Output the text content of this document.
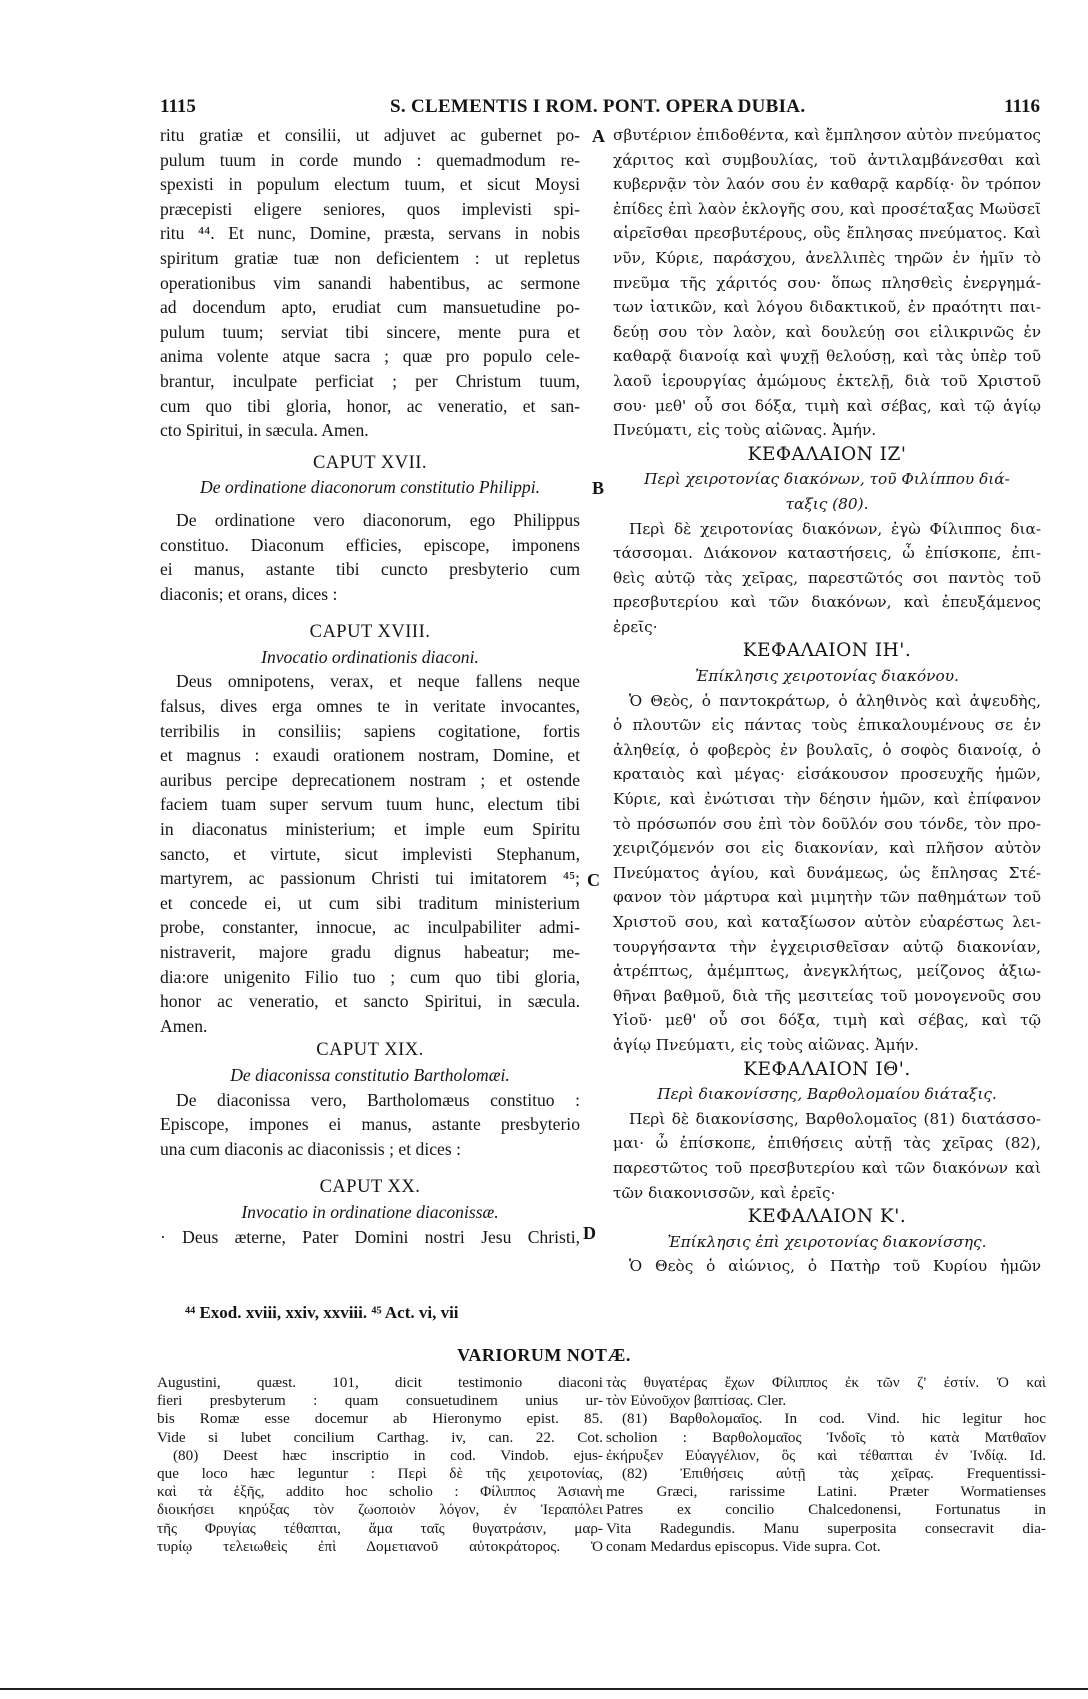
1115	S. CLEMENTIS I ROM. PONT. OPERA DUBIA.	1116
ritu gratiæ et consilii, ut adjuvet ac gubernet po-
pulum tuum in corde mundo : quemadmodum re-
spexisti in populum electum tuum, et sicut Moysi
præcepisti eligere seniores, quos implevisti spi-
ritu ⁴⁴. Et nunc, Domine, præsta, servans in nobis
spiritum gratiæ tuæ non deficientem : ut repletus
operationibus vim sanandi habentibus, ac sermone
ad docendum apto, erudiat cum mansuetudine po-
pulum tuum; serviat tibi sincere, mente pura et
anima volente atque sacra ; quæ pro populo cele-
brantur, inculpate perficiat ; per Christum tuum,
cum quo tibi gloria, honor, ac veneratio, et san-
cto Spiritui, in sæcula. Amen.
CAPUT XVII.
De ordinatione diaconorum constitutio Philippi.
De ordinatione vero diaconorum, ego Philippus
constituo. Diaconum efficies, episcope, imponens
ei manus, astante tibi cuncto presbyterio cum
diaconis; et orans, dices :
CAPUT XVIII.
Invocatio ordinationis diaconi.
Deus omnipotens, verax, et neque fallens neque
falsus, dives erga omnes te in veritate invocantes,
terribilis in consiliis; sapiens cogitatione, fortis
et magnus : exaudi orationem nostram, Domine, et
auribus percipe deprecationem nostram ; et ostende
faciem tuam super servum tuum hunc, electum tibi
in diaconatus ministerium; et imple eum Spiritu
sancto, et virtute, sicut implevisti Stephanum,
martyrem, ac passionum Christi tui imitatorem ⁴⁵;
et concede ei, ut cum sibi traditum ministerium
probe, constanter, innocue, ac inculpabiliter admi-
nistraverit, majore gradu dignus habeatur; me-
dia:ore unigenito Filio tuo ; cum quo tibi gloria,
honor ac veneratio, et sancto Spiritui, in sæcula.
Amen.
CAPUT XIX.
De diaconissa constitutio Bartholomæi.
De diaconissa vero, Bartholomæus constituo :
Episcope, impones ei manus, astante presbyterio
una cum diaconis ac diaconissis ; et dices :
CAPUT XX.
Invocatio in ordinatione diaconissæ.
· Deus æterne, Pater Domini nostri Jesu Christi,
σβυτέριον ἐπιδοθέντα, καὶ ἔμπλησον αὐτὸν πνεύματος
χάριτος καὶ συμβουλίας, τοῦ ἀντιλαμβάνεσθαι καὶ
κυβερνᾷν τὸν λαόν σου ἐν καθαρᾷ καρδίᾳ· ὃν τρόπον
ἐπίδες ἐπὶ λαὸν ἐκλογῆς σου, καὶ προσέταξας Μωϋσεῖ
αἱρεῖσθαι πρεσβυτέρους, οὓς ἔπλησας πνεύματος. Καὶ
νῦν, Κύριε, παράσχου, ἀνελλιπὲς τηρῶν ἐν ἡμῖν τὸ
πνεῦμα τῆς χάριτός σου· ὅπως πλησθεὶς ἐνεργημά-
των ἰατικῶν, καὶ λόγου διδακτικοῦ, ἐν πραότητι παι-
δεύῃ σου τὸν λαὸν, καὶ δουλεύῃ σοι εἰλικρινῶς ἐν
καθαρᾷ διανοίᾳ καὶ ψυχῇ θελούσῃ, καὶ τὰς ὑπὲρ τοῦ
λαοῦ ἱερουργίας ἀμώμους ἐκτελῇ, διὰ τοῦ Χριστοῦ
σου· μεθ' οὗ σοι δόξα, τιμὴ καὶ σέβας, καὶ τῷ ἁγίῳ
Πνεύματι, εἰς τοὺς αἰῶνας. Ἀμήν.
ΚΕΦΑΛΑΙΟΝ ΙΖ'
Περὶ χειροτονίας διακόνων, τοῦ Φιλίππου διά-
ταξις (80).
Περὶ δὲ χειροτονίας διακόνων, ἐγὼ Φίλιππος δια-
τάσσομαι. Διάκονον καταστήσεις, ὦ ἐπίσκοπε, ἐπι-
θεὶς αὐτῷ τὰς χεῖρας, παρεστῶτός σοι παντὸς τοῦ
πρεσβυτερίου καὶ τῶν διακόνων, καὶ ἐπευξάμενος
ἐρεῖς·
ΚΕΦΑΛΑΙΟΝ ΙΗ'.
Ἐπίκλησις χειροτονίας διακόνου.
Ὁ Θεὸς, ὁ παντοκράτωρ, ὁ ἀληθινὸς καὶ ἀψευδὴς,
ὁ πλουτῶν εἰς πάντας τοὺς ἐπικαλουμένους σε ἐν
ἀληθείᾳ, ὁ φοβερὸς ἐν βουλαῖς, ὁ σοφὸς διανοίᾳ, ὁ
κραταιὸς καὶ μέγας· εἰσάκουσον προσευχῆς ἡμῶν,
Κύριε, καὶ ἐνώτισαι τὴν δέησιν ἡμῶν, καὶ ἐπίφανον
τὸ πρόσωπόν σου ἐπὶ τὸν δοῦλόν σου τόνδε, τὸν προ-
χειριζόμενόν σοι εἰς διακονίαν, καὶ πλῆσον αὐτὸν
Πνεύματος ἁγίου, καὶ δυνάμεως, ὡς ἔπλησας Στέ-
φανον τὸν μάρτυρα καὶ μιμητὴν τῶν παθημάτων τοῦ
Χριστοῦ σου, καὶ καταξίωσον αὐτὸν εὐαρέστως λει-
τουργήσαντα τὴν ἐγχειρισθεῖσαν αὐτῷ διακονίαν,
ἀτρέπτως, ἀμέμπτως, ἀνεγκλήτως, μείζονος ἀξιω-
θῆναι βαθμοῦ, διὰ τῆς μεσιτείας τοῦ μονογενοῦς σου
Υἱοῦ· μεθ' οὗ σοι δόξα, τιμὴ καὶ σέβας, καὶ τῷ
ἁγίῳ Πνεύματι, εἰς τοὺς αἰῶνας. Ἀμήν.
ΚΕΦΑΛΑΙΟΝ ΙΘ'.
Περὶ διακονίσσης, Βαρθολομαίου διάταξις.
Περὶ δὲ διακονίσσης, Βαρθολομαῖος (81) διατάσσο-
μαι· ὦ ἐπίσκοπε, ἐπιθήσεις αὐτῇ τὰς χεῖρας (82),
παρεστῶτος τοῦ πρεσβυτερίου καὶ τῶν διακόνων καὶ
τῶν διακονισσῶν, καὶ ἐρεῖς·
ΚΕΦΑΛΑΙΟΝ Κ'.
Ἐπίκλησις ἐπὶ χειροτονίας διακονίσσης.
Ὁ Θεὸς ὁ αἰώνιος, ὁ Πατὴρ τοῦ Κυρίου ἡμῶν
A
B
C
D
⁴⁴ Exod. xviii, xxiv, xxviii. ⁴⁵ Act. vi, vii
VARIORUM NOTÆ.
Augustini, quæst. 101, dicit testimonio diaconi
fieri presbyterum : quam consuetudinem unius ur-
bis Romæ esse docemur ab Hieronymo epist. 85.
Vide si lubet concilium Carthag. iv, can. 22. Cot.
(80) Deest hæc inscriptio in cod. Vindob. ejus-
que loco hæc leguntur : Περὶ δὲ τῆς χειροτονίας,
καὶ τὰ ἑξῆς, addito hoc scholio : Φίλιππος Ἀσιανὴ
διοικήσει κηρύξας τὸν ζωοποιὸν λόγον, ἐν Ἱεραπόλει
τῆς Φρυγίας τέθαπται, ἅμα ταῖς θυγατράσιν, μαρ-
τυρίῳ τελειωθεὶς ἐπὶ Δομετιανοῦ αὐτοκράτορος. Ὁ
τὰς θυγατέρας ἔχων Φίλιππος ἐκ τῶν ζ' ἐστίν. Ὁ καὶ
τὸν Εὐνοῦχον βαπτίσας. Cler.
(81) Βαρθολομαῖος. In cod. Vind. hic legitur hoc
scholion : Βαρθολομαῖος Ἰνδοῖς τὸ κατὰ Ματθαῖον
ἐκήρυξεν Εὐαγγέλιον, ὃς καὶ τέθαπται ἐν Ἰνδίᾳ. Id.
(82) Ἐπιθήσεις αὐτῇ τὰς χεῖρας. Frequentissi-
me Græci, rarissime Latini. Præter Wormatienses
Patres ex concilio Chalcedonensi, Fortunatus in
Vita Radegundis. Manu superposita consecravit dia-
conam Medardus episcopus. Vide supra. Cot.
